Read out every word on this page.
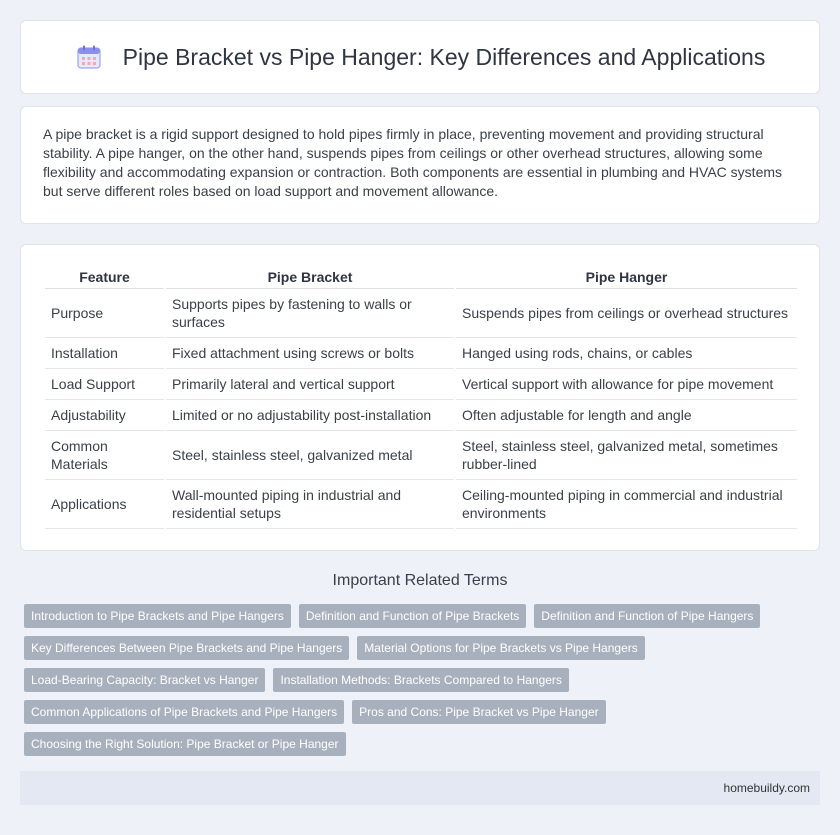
Pipe Bracket vs Pipe Hanger: Key Differences and Applications

A pipe bracket is a rigid support designed to hold pipes firmly in place, preventing movement and providing structural stability. A pipe hanger, on the other hand, suspends pipes from ceilings or other overhead structures, allowing some flexibility and accommodating expansion or contraction. Both components are essential in plumbing and HVAC systems but serve different roles based on load support and movement allowance.

Feature	Pipe Bracket	Pipe Hanger
Purpose	Supports pipes by fastening to walls or surfaces	Suspends pipes from ceilings or overhead structures
Installation	Fixed attachment using screws or bolts	Hanged using rods, chains, or cables
Load Support	Primarily lateral and vertical support	Vertical support with allowance for pipe movement
Adjustability	Limited or no adjustability post-installation	Often adjustable for length and angle
Common Materials	Steel, stainless steel, galvanized metal	Steel, stainless steel, galvanized metal, sometimes rubber-lined
Applications	Wall-mounted piping in industrial and residential setups	Ceiling-mounted piping in commercial and industrial environments
Important Related Terms
Introduction to Pipe Brackets and Pipe Hangers	Definition and Function of Pipe Brackets	Definition and Function of Pipe Hangers
Key Differences Between Pipe Brackets and Pipe Hangers	Material Options for Pipe Brackets vs Pipe Hangers
Load-Bearing Capacity: Bracket vs Hanger	Installation Methods: Brackets Compared to Hangers
Common Applications of Pipe Brackets and Pipe Hangers	Pros and Cons: Pipe Bracket vs Pipe Hanger
Choosing the Right Solution: Pipe Bracket or Pipe Hanger
homebuildy.com
